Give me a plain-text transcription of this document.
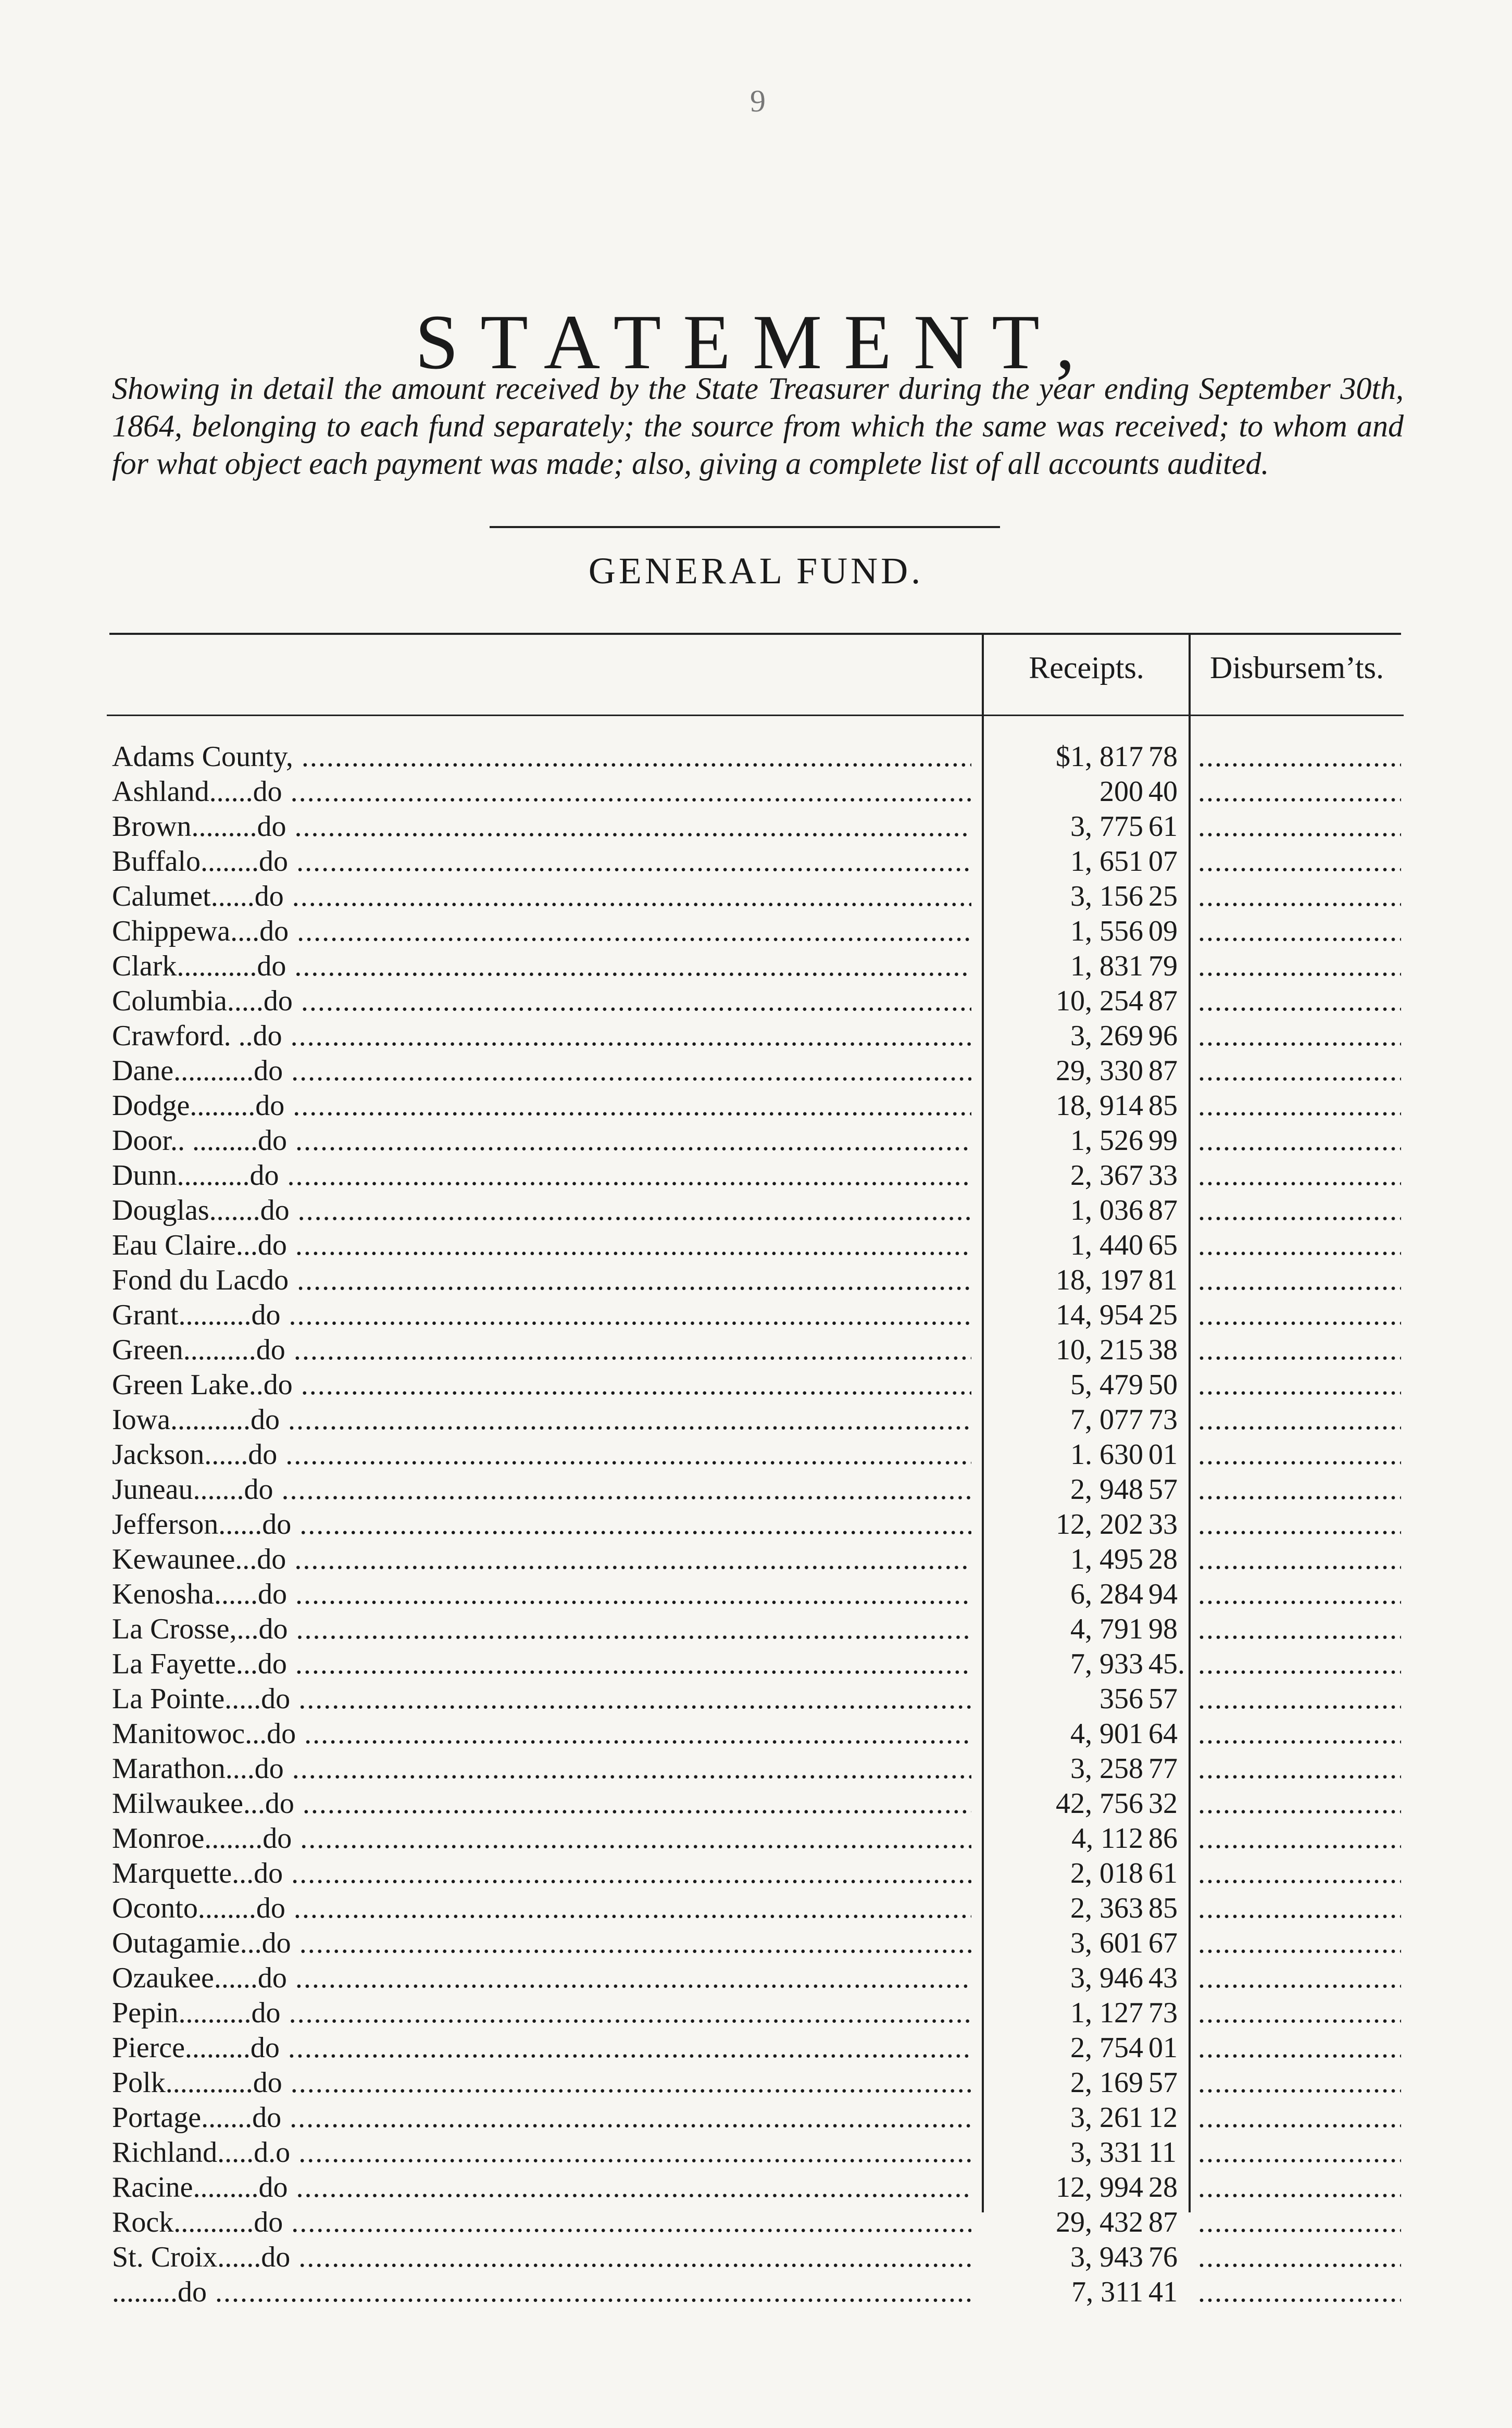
9
STATEMENT,

Showing in detail the amount received by the State Treasurer during the year ending September 30th, 1864, belonging to each fund separately; the source from which the same was received; to whom and for what object each payment was made; also, giving a complete list of all accounts audited.

GENERAL FUND.
Receipts.	Disbursem’ts.
Adams County, .....	$1, 817 78
.....
Ashland......do .....	200 40
.....
Brown.........do .....	3, 775 61
.....
Buffalo........do .....	1, 651 07
.....
Calumet......do .....	3, 156 25
.....
Chippewa....do .....	1, 556 09
.....
Clark...........do .....	1, 831 79
.....
Columbia.....do .....	10, 254 87
.....
Crawford. ..do .....	3, 269 96
.....
Dane...........do .....	29, 330 87
.....
Dodge.........do .....	18, 914 85
.....
Door.. .........do .....	1, 526 99
.....
Dunn..........do .....	2, 367 33
.....
Douglas.......do .....	1, 036 87
.....
Eau Claire...do .....	1, 440 65
.....
Fond du Lacdo .....	18, 197 81
.....
Grant..........do .....	14, 954 25
.....
Green..........do .....	10, 215 38
.....
Green Lake..do .....	5, 479 50
.....
Iowa...........do .....	7, 077 73
.....
Jackson......do .....	1. 630 01
.....
Juneau.......do .....	2, 948 57
.....
Jefferson......do .....	12, 202 33
.....
Kewaunee...do .....	1, 495 28
.....
Kenosha......do .....	6, 284 94
.....
La Crosse,...do .....	4, 791 98
.....
La Fayette...do .....	7, 933 45.
.....
La Pointe.....do .....	356 57
.....
Manitowoc...do .....	4, 901 64
.....
Marathon....do .....	3, 258 77
.....
Milwaukee...do .....	42, 756 32
.....
Monroe........do .....	4, 112 86
.....
Marquette...do .....	2, 018 61
.....
Oconto........do .....	2, 363 85
.....
Outagamie...do .....	3, 601 67
.....
Ozaukee......do .....	3, 946 43
.....
Pepin..........do .....	1, 127 73
.....
Pierce.........do .....	2, 754 01
.....
Polk............do .....	2, 169 57
.....
Portage.......do .....	3, 261 12
.....
Richland.....d.o .....	3, 331 11
.....
Racine.........do .....	12, 994 28
.....
Rock...........do .....	29, 432 87
.....
St. Croix......do .....	3, 943 76
.....
.........do .....	7, 311 41
.....
